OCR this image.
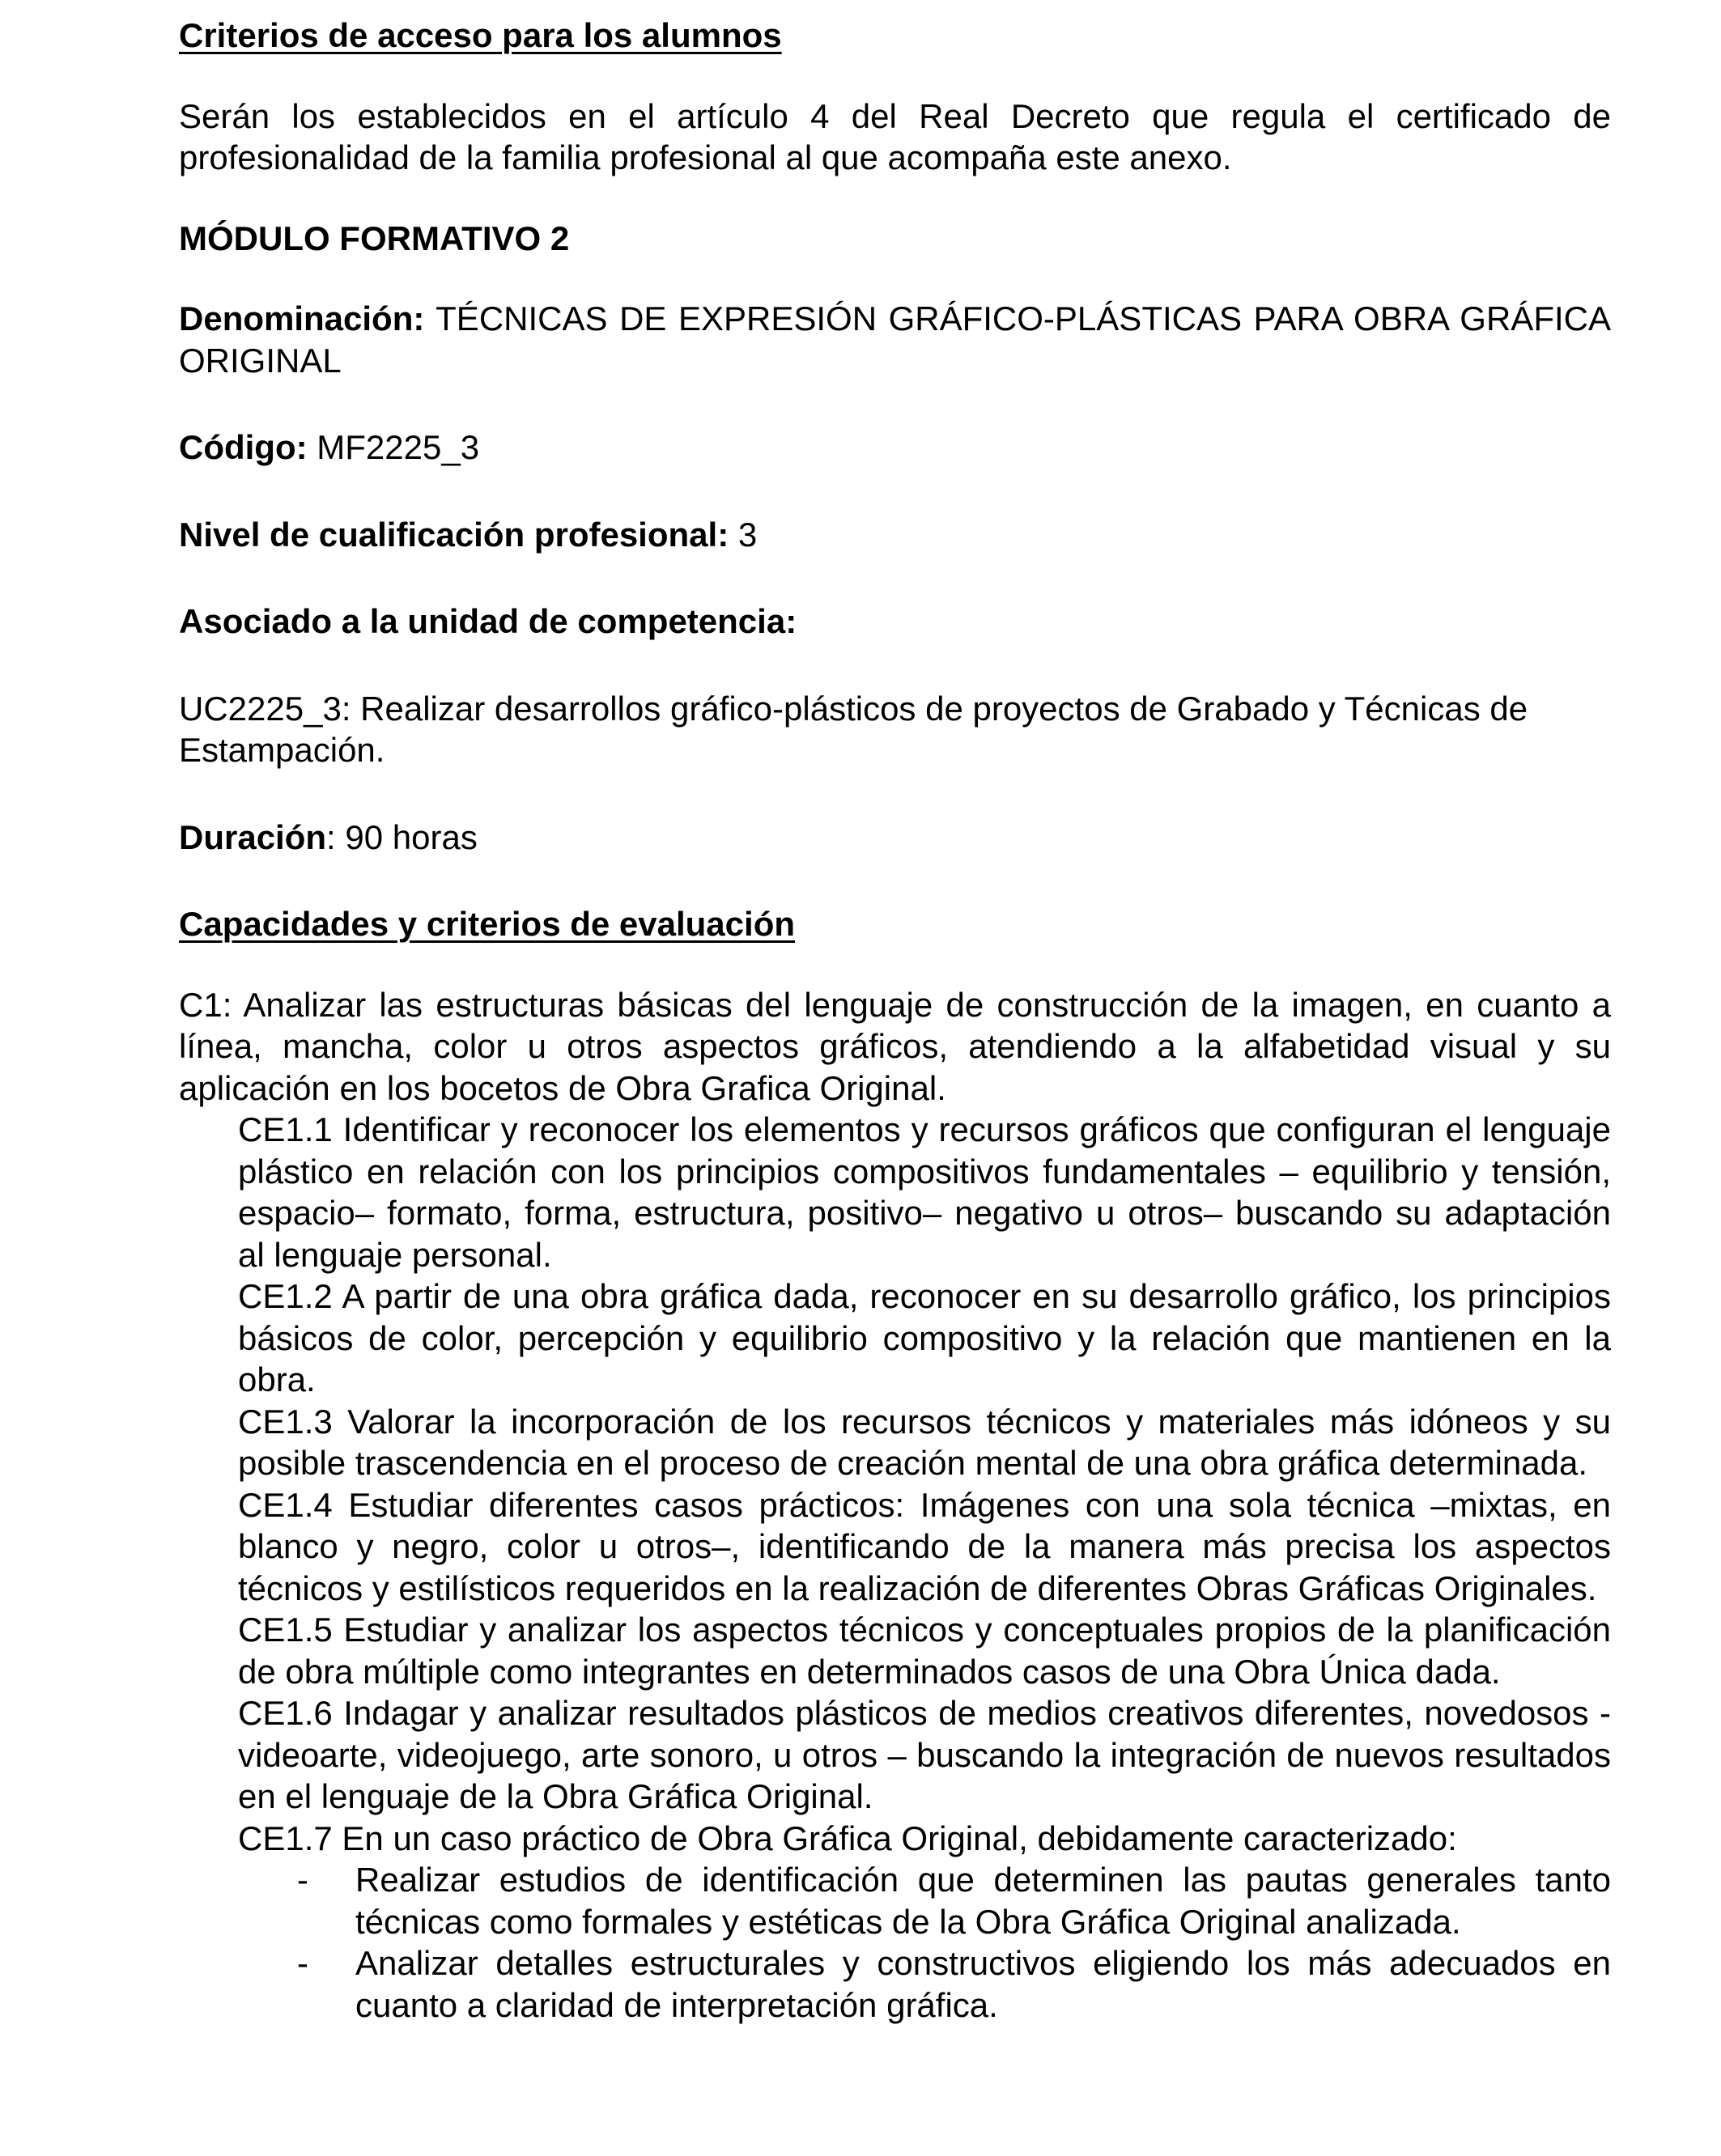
Criterios de acceso para los alumnos

Serán los establecidos en el artículo 4 del Real Decreto que regula el certificado de profesionalidad de la familia profesional al que acompaña este anexo.

MÓDULO FORMATIVO 2

Denominación: TÉCNICAS DE EXPRESIÓN GRÁFICO-PLÁSTICAS PARA OBRA GRÁFICA ORIGINAL

Código: MF2225_3

Nivel de cualificación profesional: 3

Asociado a la unidad de competencia:

UC2225_3: Realizar desarrollos gráfico-plásticos de proyectos de Grabado y Técnicas de Estampación.

Duración: 90 horas

Capacidades y criterios de evaluación

C1: Analizar las estructuras básicas del lenguaje de construcción de la imagen, en cuanto a línea, mancha, color u otros aspectos gráficos, atendiendo a la alfabetidad visual y su aplicación en los bocetos de Obra Grafica Original.

CE1.1 Identificar y reconocer los elementos y recursos gráficos que configuran el lenguaje plástico en relación con los principios compositivos fundamentales – equilibrio y tensión, espacio– formato, forma, estructura, positivo– negativo u otros– buscando su adaptación al lenguaje personal.

CE1.2 A partir de una obra gráfica dada, reconocer en su desarrollo gráfico, los principios básicos de color, percepción y equilibrio compositivo y la relación que mantienen en la obra.

CE1.3 Valorar la incorporación de los recursos técnicos y materiales más idóneos y su posible trascendencia en el proceso de creación mental de una obra gráfica determinada.

CE1.4 Estudiar diferentes casos prácticos: Imágenes con una sola técnica –mixtas, en blanco y negro, color u otros–, identificando de la manera más precisa los aspectos técnicos y estilísticos requeridos en la realización de diferentes Obras Gráficas Originales.

CE1.5 Estudiar y analizar los aspectos técnicos y conceptuales propios de la planificación de obra múltiple como integrantes en determinados casos de una Obra Única dada.

CE1.6 Indagar y analizar resultados plásticos de medios creativos diferentes, novedosos -videoarte, videojuego, arte sonoro, u otros – buscando la integración de nuevos resultados en el lenguaje de la Obra Gráfica Original.

CE1.7 En un caso práctico de Obra Gráfica Original, debidamente caracterizado:

- Realizar estudios de identificación que determinen las pautas generales tanto técnicas como formales y estéticas de la Obra Gráfica Original analizada.
- Analizar detalles estructurales y constructivos eligiendo los más adecuados en cuanto a claridad de interpretación gráfica.
